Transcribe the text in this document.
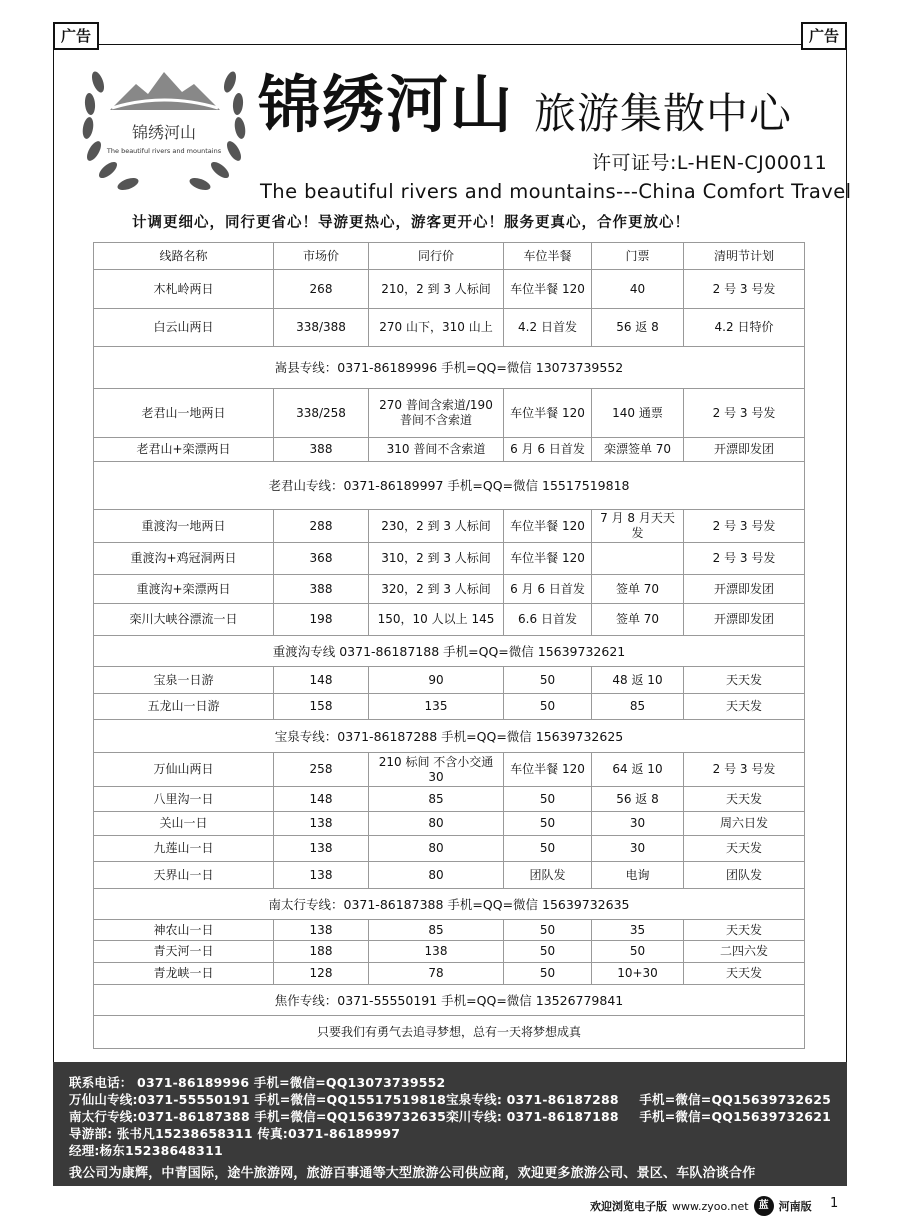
广告	广告
锦绣河山
The beautiful rivers and mountains
锦绣河山 旅游集散中心
许可证号:L-HEN-CJ00011
The beautiful rivers and mountains---China Comfort Travel
计调更细心，同行更省心！导游更热心，游客更开心！服务更真心，合作更放心！
线路名称	市场价	同行价	车位半餐	门票	清明节计划
木札岭两日	268	210，2 到 3 人标间	车位半餐 120	40	2 号 3 号发
白云山两日	338/388	270 山下，310 山上	4.2 日首发	56 返 8	4.2 日特价
嵩县专线：0371-86189996 手机=QQ=微信 13073739552					
老君山一地两日	338/258	270 普间含索道/190 普间不含索道	车位半餐 120	140 通票	2 号 3 号发
老君山+栾漂两日	388	310 普间不含索道	6 月 6 日首发	栾漂签单 70	开漂即发团
老君山专线：0371-86189997 手机=QQ=微信 15517519818					
重渡沟一地两日	288	230，2 到 3 人标间	车位半餐 120	7 月 8 月天天发	2 号 3 号发
重渡沟+鸡冠洞两日	368	310，2 到 3 人标间	车位半餐 120		2 号 3 号发
重渡沟+栾漂两日	388	320，2 到 3 人标间	6 月 6 日首发	签单 70	开漂即发团
栾川大峡谷漂流一日	198	150，10 人以上 145	6.6 日首发	签单 70	开漂即发团
重渡沟专线 0371-86187188 手机=QQ=微信 15639732621					
宝泉一日游	148	90	50	48 返 10	天天发
五龙山一日游	158	135	50	85	天天发
宝泉专线：0371-86187288 手机=QQ=微信 15639732625					
万仙山两日	258	210 标间 不含小交通 30	车位半餐 120	64 返 10	2 号 3 号发
八里沟一日	148	85	50	56 返 8	天天发
关山一日	138	80	50	30	周六日发
九莲山一日	138	80	50	30	天天发
天界山一日	138	80	团队发	电询	团队发
南太行专线：0371-86187388 手机=QQ=微信 15639732635					
神农山一日	138	85	50	35	天天发
青天河一日	188	138	50	50	二四六发
青龙峡一日	128	78	50	10+30	天天发
焦作专线：0371-55550191 手机=QQ=微信 13526779841					
只要我们有勇气去追寻梦想，总有一天将梦想成真					
联系电话： 0371-86189996 手机=微信=QQ13073739552
万仙山专线:0371-55550191 手机=微信=QQ15517519818宝泉专线: 0371-86187288	手机=微信=QQ15639732625
南太行专线:0371-86187388 手机=微信=QQ15639732635栾川专线: 0371-86187188	手机=微信=QQ15639732621
导游部: 张书凡15238658311 传真:0371-86189997
经理:杨东15238648311
我公司为康辉，中青国际，途牛旅游网，旅游百事通等大型旅游公司供应商，欢迎更多旅游公司、景区、车队洽谈合作
欢迎浏览电子版 www.zyoo.net	蓝 河南版 1
